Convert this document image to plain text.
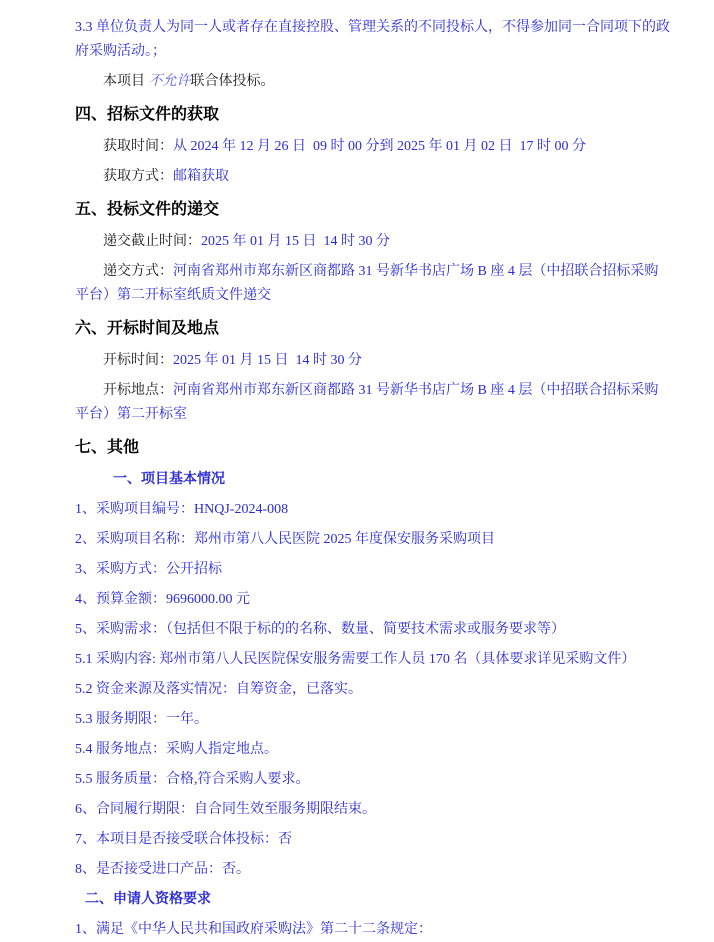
3.3 单位负责人为同一人或者存在直接控股、管理关系的不同投标人，不得参加同一合同项下的政府采购活动。；

本项目 不允许联合体投标。

四、招标文件的获取

获取时间：从 2024 年 12 月 26 日  09 时 00 分到 2025 年 01 月 02 日  17 时 00 分

获取方式：邮箱获取

五、投标文件的递交

递交截止时间：2025 年 01 月 15 日  14 时 30 分

递交方式：河南省郑州市郑东新区商都路 31 号新华书店广场 B 座 4 层（中招联合招标采购平台）第二开标室纸质文件递交

六、开标时间及地点

开标时间：2025 年 01 月 15 日  14 时 30 分

开标地点：河南省郑州市郑东新区商都路 31 号新华书店广场 B 座 4 层（中招联合招标采购平台）第二开标室

七、其他

一、项目基本情况

1、采购项目编号：HNQJ-2024-008

2、采购项目名称：郑州市第八人民医院 2025 年度保安服务采购项目

3、采购方式：公开招标

4、预算金额：9696000.00 元

5、采购需求：（包括但不限于标的的名称、数量、简要技术需求或服务要求等）

5.1 采购内容: 郑州市第八人民医院保安服务需要工作人员 170 名（具体要求详见采购文件）

5.2 资金来源及落实情况：自筹资金，已落实。

5.3 服务期限：一年。

5.4 服务地点：采购人指定地点。

5.5 服务质量：合格,符合采购人要求。

6、合同履行期限：自合同生效至服务期限结束。

7、本项目是否接受联合体投标：否

8、是否接受进口产品：否。

二、申请人资格要求

1、满足《中华人民共和国政府采购法》第二十二条规定：
